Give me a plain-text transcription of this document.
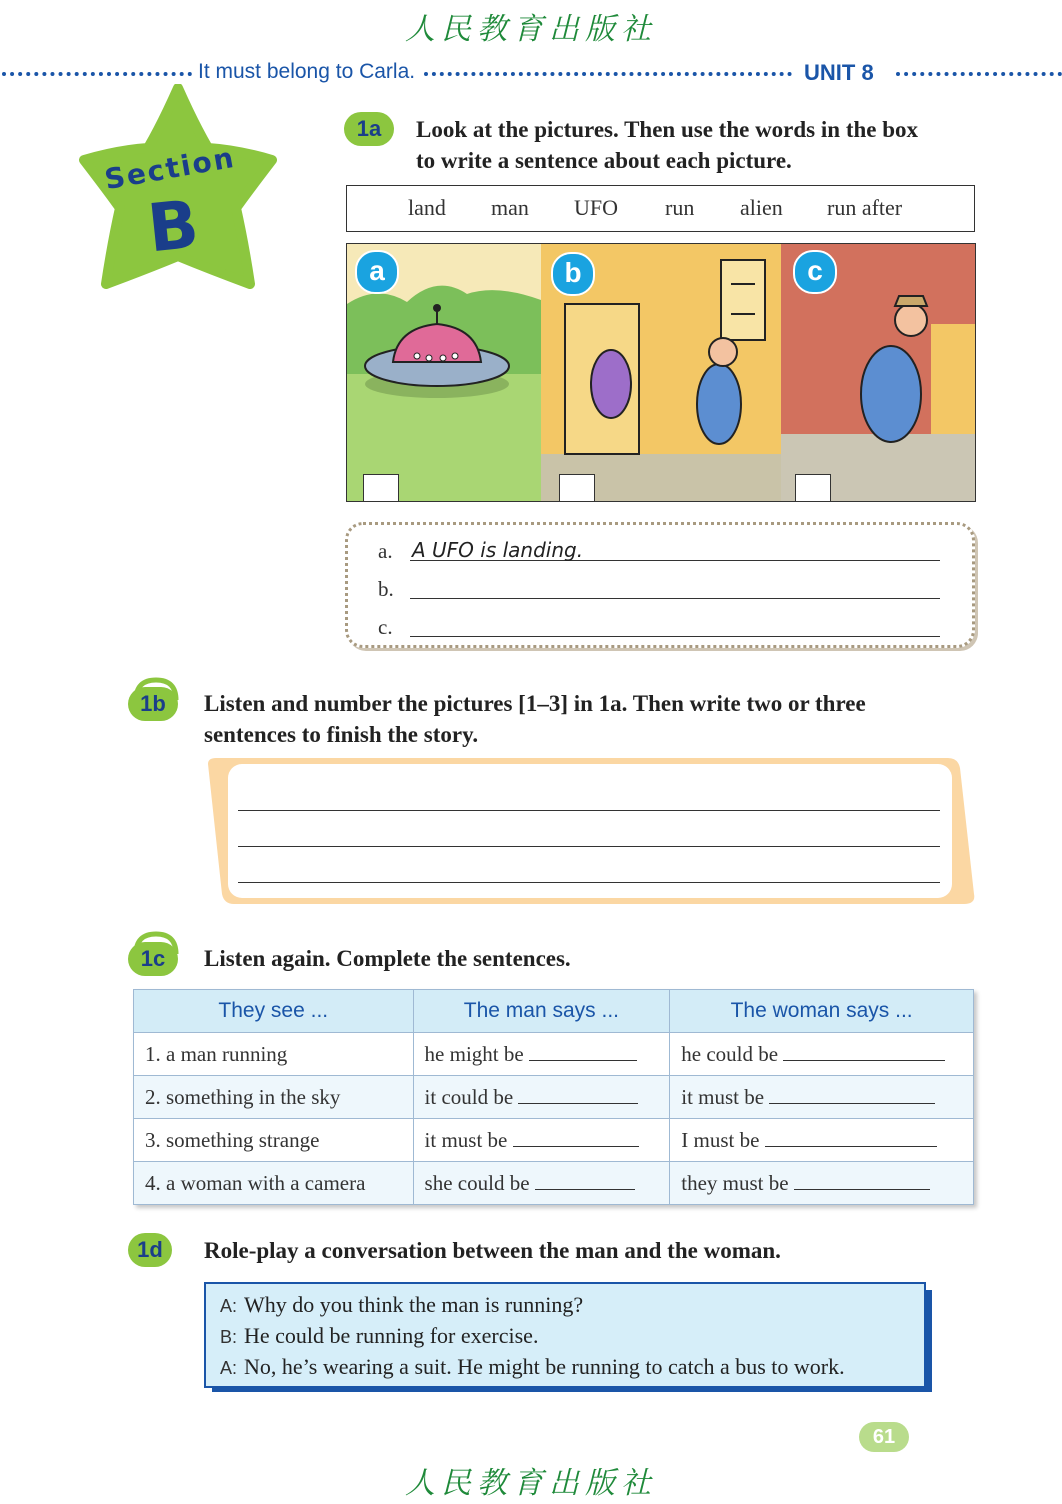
人民教育出版社
It must belong to Carla.	UNIT 8
Section
B
1a	Look at the pictures. Then use the words in the box
to write a sentence about each picture.
land man UFO run alien run after
a	b	c
a. A UFO is landing.
b.
c.
1b	Listen and number the pictures [1–3] in 1a. Then write two or three
sentences to finish the story.
1c	Listen again. Complete the sentences.
They see ...	The man says ...	The woman says ...
1. a man running	he might be	he could be
2. something in the sky	it could be	it must be
3. something strange	it must be	I must be
4. a woman with a camera	she could be	they must be
1d	Role-play a conversation between the man and the woman.
A: Why do you think the man is running?
B: He could be running for exercise.
A: No, he’s wearing a suit. He might be running to catch a bus to work.
61
人民教育出版社
